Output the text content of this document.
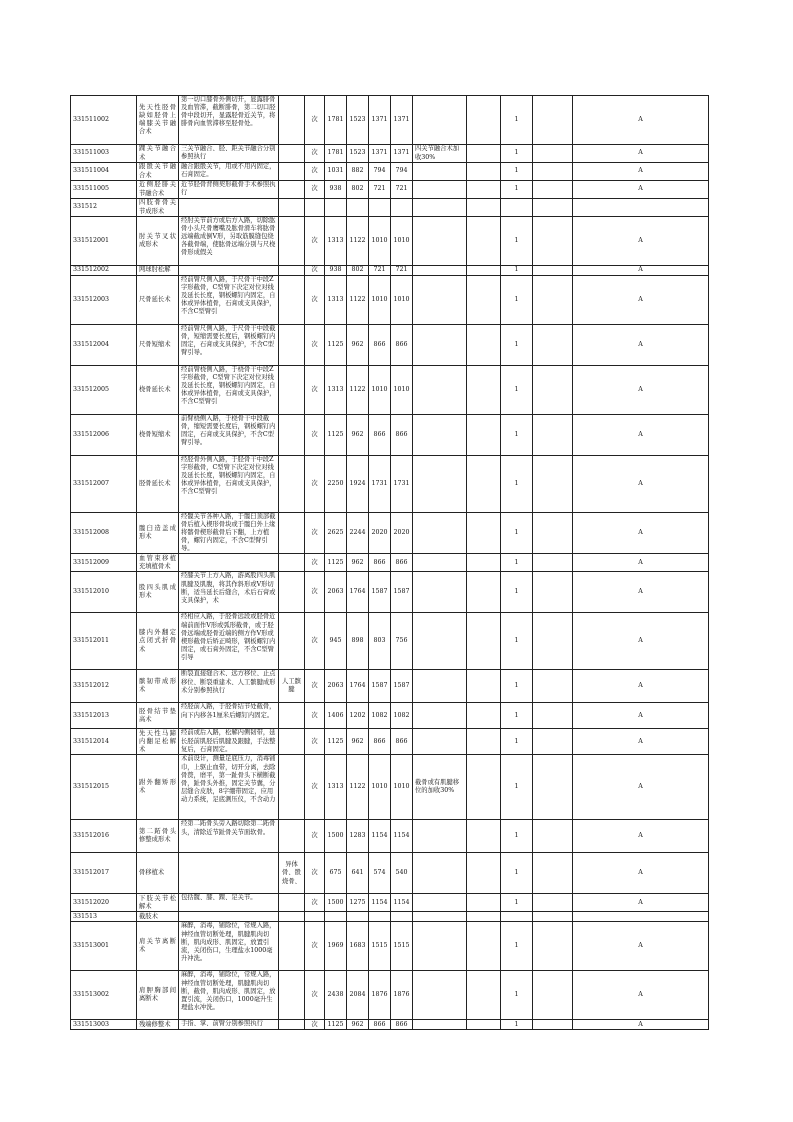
331511002	先天性胫骨缺如胫骨上端膝关节融合术	第一切口膝骨外侧切开，显露腓骨及血管滞，截断腓骨，第二切口胫骨中段切开，显露胫骨近关节，将腓骨向血管滞移至胫骨处。		次	1781	1523	1371	1371			1		A
331511003	踝关节融合术	三关节融合、胫、距关节融合分别参照执行		次	1781	1523	1371	1371	四关节融合术加收30%		1		A
331511004	跟骰关节融合术	融合跟骰关节，用或不用内固定，石膏固定。		次	1031	882	794	794			1		A
331511005	近侧胫腓关节融合术	近节胫骨背侧契形截骨手术参照执行		次	938	802	721	721			1		A
331512	四肢骨骨关节成形术												
331512001	肘关节叉状成形术	经肘关节前方或后方入路，切除肱骨小头尺骨鹰嘴及肱骨滑车将肱骨远端截成倒V形，另取筋膜缝包绕各截骨端，使肱骨远端分别与尺桡骨形成假关		次	1313	1122	1010	1010			1		A
331512002	网球肘松解			次	938	802	721	721			1		A
331512003	尺骨延长术	经前臂尺侧入路，于尺骨干中段Z字形截骨，C型臂下决定对位对线及延长长度，钢板螺钉内固定，自体或异体植骨，石膏或支具保护，不含C型臂引		次	1313	1122	1010	1010			1		A
331512004	尺骨短缩术	经前臂尺侧入路，于尺骨干中段截骨，短缩需要长度后，钢板螺钉内固定，石膏或支具保护，不含C型臂引导。		次	1125	962	866	866			1		A
331512005	桡骨延长术	经前臂桡侧入路，于桡骨干中段Z字形截骨，C型臂下决定对位对线及延长长度，钢板螺钉内固定，自体或异体植骨，石膏或支具保护，不含C型臂引		次	1313	1122	1010	1010			1		A
331512006	桡骨短缩术	前臂桡侧入路，于桡骨干中段截骨，缩短需要长度后，钢板螺钉内固定，石膏或支具保护，不含C型臂引导。		次	1125	962	866	866			1		A
331512007	胫骨延长术	经胫骨外侧入路，于胫骨干中段Z字形截骨，C型臂下决定对位对线及延长长度，钢板螺钉内固定，自体或异体植骨，石膏或支具保护，不含C型臂引		次	2250	1924	1731	1731			1		A
331512008	髋臼造盖成形术	经髋关节各种入路，于髋臼顶部截骨后植入楔形骨块或于髋臼外上缘将髂骨楔形截骨后下翻，上方植骨，螺钉内固定，不含C型臂引导。		次	2625	2244	2020	2020			1		A
331512009	血管束移植充填植骨术			次	1125	962	866	866			1		A
331512010	股四头肌成形术	经膝关节上方入路，游离股四头肌肌腱及肌腹，将其作斜形或V形切断，适当延长后缝合，术后石膏或支具保护，术		次	2063	1764	1587	1587			1		A
331512011	膝内外翻定点闭式折骨术	经相应入路，于胫骨远段或胫骨近端前面作V形或弧形截骨，或于胫骨远端或胫骨近端的侧方作V形或楔形截骨后矫正畸形，钢板螺钉内固定，或石膏外固定，不含C型臂引导		次	945	898	803	756			1		A
331512012	髌韧带成形术	断裂直接缝合术、远方移位、止点移位、断裂重建术、人工髌腱成形术分别参照执行	人工髌腱	次	2063	1764	1587	1587			1		A
331512013	胫骨结节垫高术	经胫前入路，于胫骨结节处截骨，向下内移各1厘米后螺钉内固定。		次	1406	1202	1082	1082			1		A
331512014	先天性马蹄内翻足松解术	经前或后入路，松解内侧韧带，延长胫前肌胫后肌腱及跟腱，手法整复后，石膏固定。		次	1125	962	866	866			1		A
331512015	跗外翻矫形术	术前设计，测量足底压力，消毒铺巾，上驱止血带，切开分离，去除骨赘，磨平，第一趾骨头下横断截骨，趾骨头外推，固定关节囊，分层缝合皮肤，8字绷带固定，应用动力系统，足底测压仪，不含动力		次	1313	1122	1010	1010	截骨或有肌腱移位的加收30%		1		A
331512016	第二跖骨头修整成形术	经第二跖骨头旁入路切除第二跖骨头，清除近节趾骨关节面软骨。		次	1500	1283	1154	1154			1		A
331512017	骨移植术		异体骨、骰烧骨、	次	675	641	574	540			1		A
331512020	下肢关节松解术	包括髋、膝、踝、足关节。		次	1500	1275	1154	1154			1		A
331513	截肢术												
331513001	肩关节离断术	麻醉，消毒，铺除位，常规入路，神经血管切断处理，肌腱肌肉切断，肌肉成形、肌固定，放置引流，关闭伤口，生理盐水1000毫升冲洗。		次	1969	1683	1515	1515			1		A
331513002	肩胛胸部间离断术	麻醉，消毒，铺除位，常规入路，神经血管切断处理，肌腱肌肉切断，截骨，肌肉成形、肌固定，放置引流，关闭伤口，1000毫升生理盐水冲洗。		次	2438	2084	1876	1876			1		A
331513003	残端修整术	手指、掌、前臂分别参照执行		次	1125	962	866	866			1		A
